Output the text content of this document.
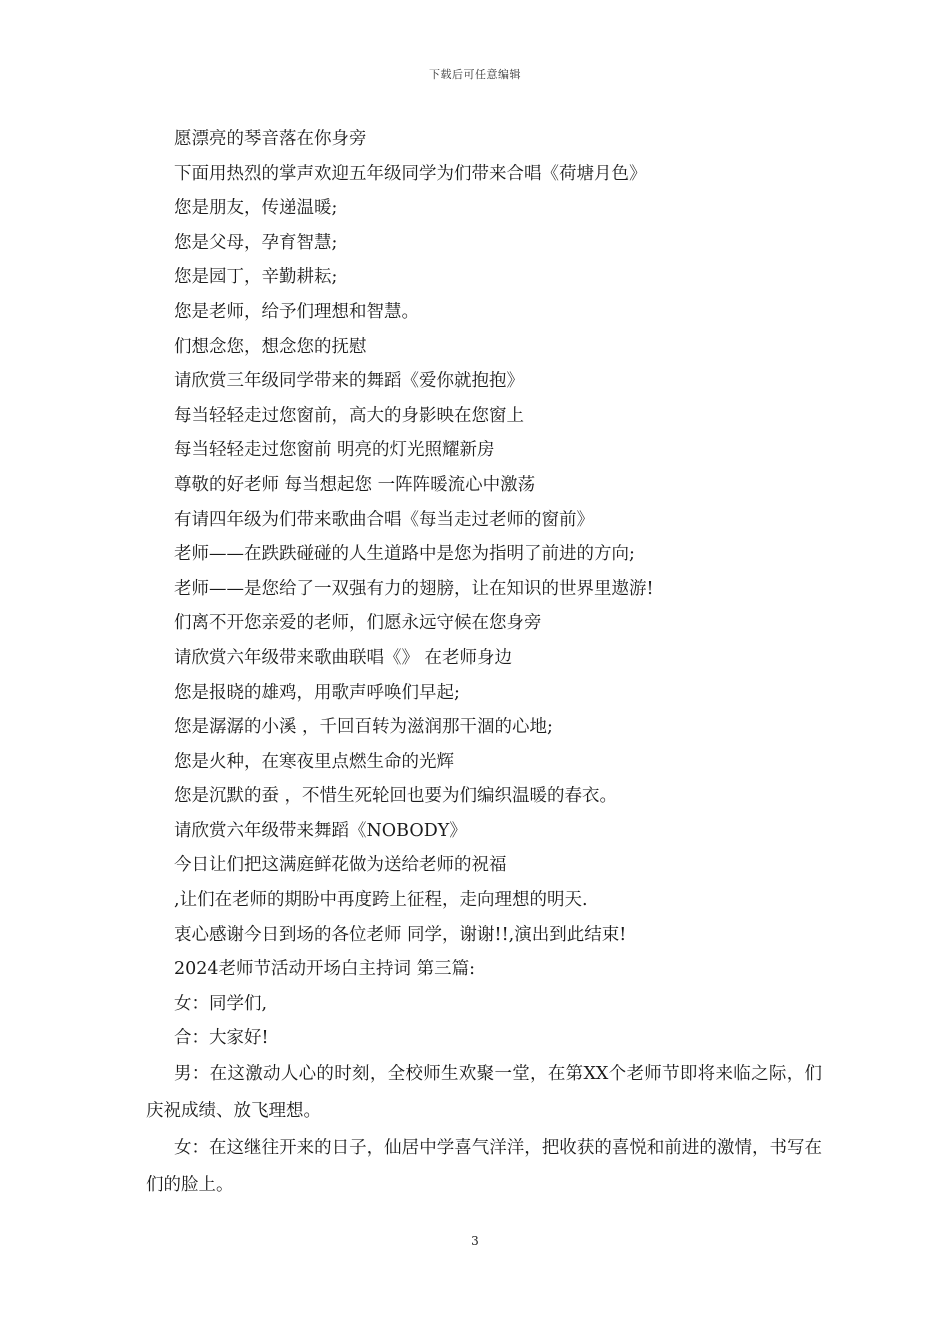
下载后可任意编辑
愿漂亮的琴音落在你身旁
下面用热烈的掌声欢迎五年级同学为们带来合唱《荷塘月色》
您是朋友，传递温暖;
您是父母，孕育智慧;
您是园丁，辛勤耕耘;
您是老师，给予们理想和智慧。
们想念您，想念您的抚慰
请欣赏三年级同学带来的舞蹈《爱你就抱抱》
每当轻轻走过您窗前，高大的身影映在您窗上
每当轻轻走过您窗前 明亮的灯光照耀新房
尊敬的好老师 每当想起您 一阵阵暖流心中激荡
有请四年级为们带来歌曲合唱《每当走过老师的窗前》
老师——在跌跌碰碰的人生道路中是您为指明了前进的方向;
老师——是您给了一双强有力的翅膀，让在知识的世界里遨游!
们离不开您亲爱的老师，们愿永远守候在您身旁
请欣赏六年级带来歌曲联唱《》 在老师身边
您是报晓的雄鸡，用歌声呼唤们早起;
您是潺潺的小溪 ，千回百转为滋润那干涸的心地;
您是火种，在寒夜里点燃生命的光辉
您是沉默的蚕 ，不惜生死轮回也要为们编织温暖的春衣。
请欣赏六年级带来舞蹈《NOBODY》
今日让们把这满庭鲜花做为送给老师的祝福
,让们在老师的期盼中再度跨上征程，走向理想的明天.
衷心感谢今日到场的各位老师 同学，谢谢!!,演出到此结束!
2024老师节活动开场白主持词 第三篇:
女：同学们,
合：大家好!

男：在这激动人心的时刻，全校师生欢聚一堂，在第XX个老师节即将来临之际，们庆祝成绩、放飞理想。

女：在这继往开来的日子，仙居中学喜气洋洋，把收获的喜悦和前进的激情，书写在们的脸上。

3
